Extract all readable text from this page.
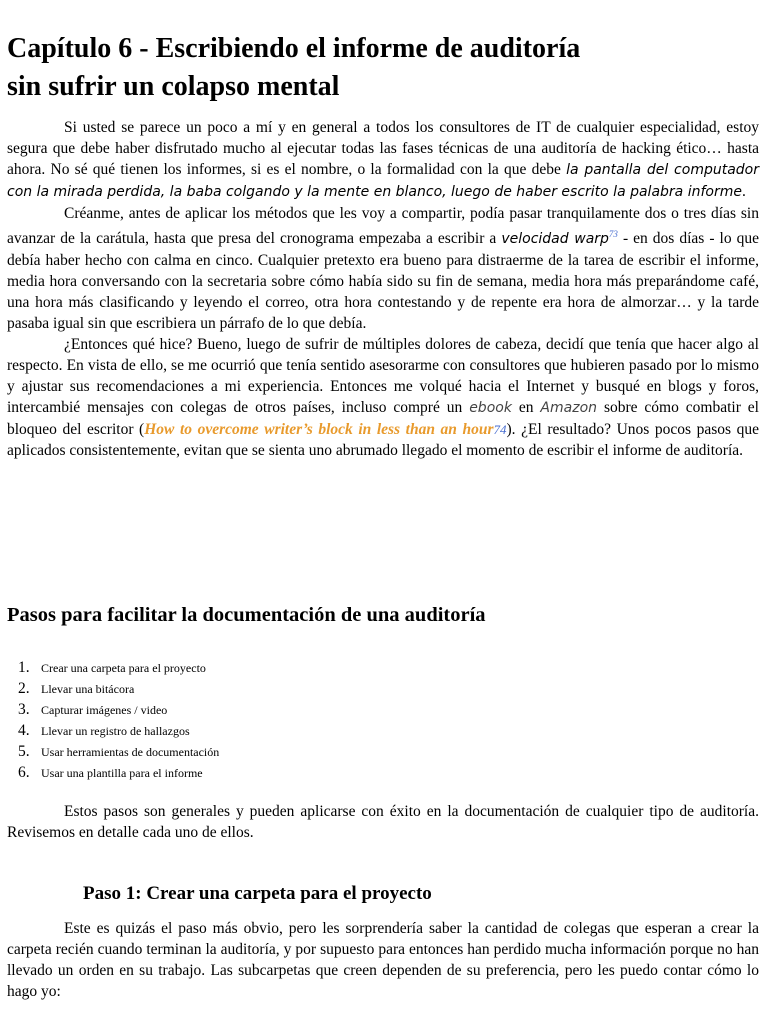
Capítulo 6 - Escribiendo el informe de auditoría
sin sufrir un colapso mental

Si usted se parece un poco a mí y en general a todos los consultores de IT de cualquier especialidad, estoy segura que debe haber disfrutado mucho al ejecutar todas las fases técnicas de una auditoría de hacking ético… hasta ahora. No sé qué tienen los informes, si es el nombre, o la formalidad con la que debe la pantalla del computador con la mirada perdida, la baba colgando y la mente en blanco, luego de haber escrito la palabra informe.

Créanme, antes de aplicar los métodos que les voy a compartir, podía pasar tranquilamente dos o tres días sin avanzar de la carátula, hasta que presa del cronograma empezaba a escribir a velocidad warp$^{73}$ - en dos días - lo que debía haber hecho con calma en cinco. Cualquier pretexto era bueno para distraerme de la tarea de escribir el informe, media hora conversando con la secretaria sobre cómo había sido su fin de semana, media hora más preparándome café, una hora más clasificando y leyendo el correo, otra hora contestando y de repente era hora de almorzar… y la tarde pasaba igual sin que escribiera un párrafo de lo que debía.

¿Entonces qué hice? Bueno, luego de sufrir de múltiples dolores de cabeza, decidí que tenía que hacer algo al respecto. En vista de ello, se me ocurrió que tenía sentido asesorarme con consultores que hubieren pasado por lo mismo y ajustar sus recomendaciones a mi experiencia. Entonces me volqué hacia el Internet y busqué en blogs y foros, intercambié mensajes con colegas de otros países, incluso compré un ebook en Amazon sobre cómo combatir el bloqueo del escritor (How to overcome writer’s block in less than an hour74). ¿El resultado? Unos pocos pasos que aplicados consistentemente, evitan que se sienta uno abrumado llegado el momento de escribir el informe de auditoría.

Pasos para facilitar la documentación de una auditoría
1. Crear una carpeta para el proyecto
2. Llevar una bitácora
3. Capturar imágenes / video
4. Llevar un registro de hallazgos
5. Usar herramientas de documentación
6. Usar una plantilla para el informe

Estos pasos son generales y pueden aplicarse con éxito en la documentación de cualquier tipo de auditoría. Revisemos en detalle cada uno de ellos.

Paso 1: Crear una carpeta para el proyecto

Este es quizás el paso más obvio, pero les sorprendería saber la cantidad de colegas que esperan a crear la carpeta recién cuando terminan la auditoría, y por supuesto para entonces han perdido mucha información porque no han llevado un orden en su trabajo. Las subcarpetas que creen dependen de su preferencia, pero les puedo contar cómo lo hago yo:
